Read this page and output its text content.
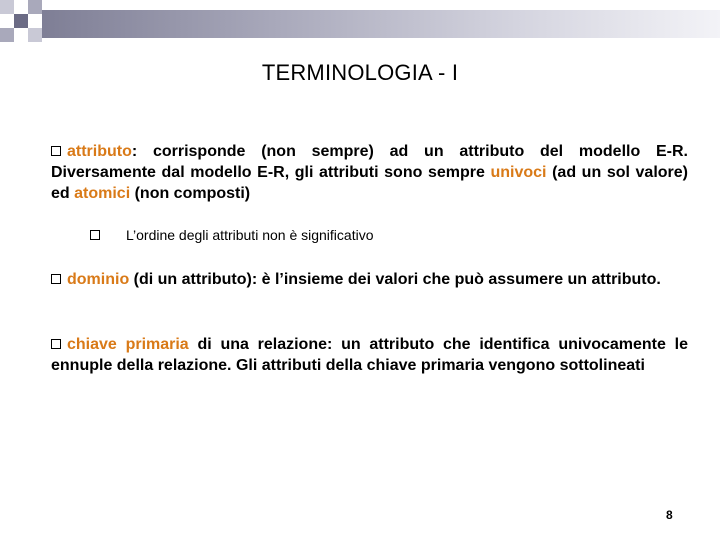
TERMINOLOGIA - I
attributo: corrisponde (non sempre) ad un attributo del modello E-R. Diversamente dal modello E-R, gli attributi sono sempre univoci (ad un sol valore) ed atomici (non composti)
L’ordine degli attributi non è significativo
dominio (di un attributo): è l’insieme dei valori che può assumere un attributo.
chiave primaria di una relazione: un attributo che identifica univocamente le ennuple della relazione. Gli attributi della chiave primaria vengono sottolineati
8
